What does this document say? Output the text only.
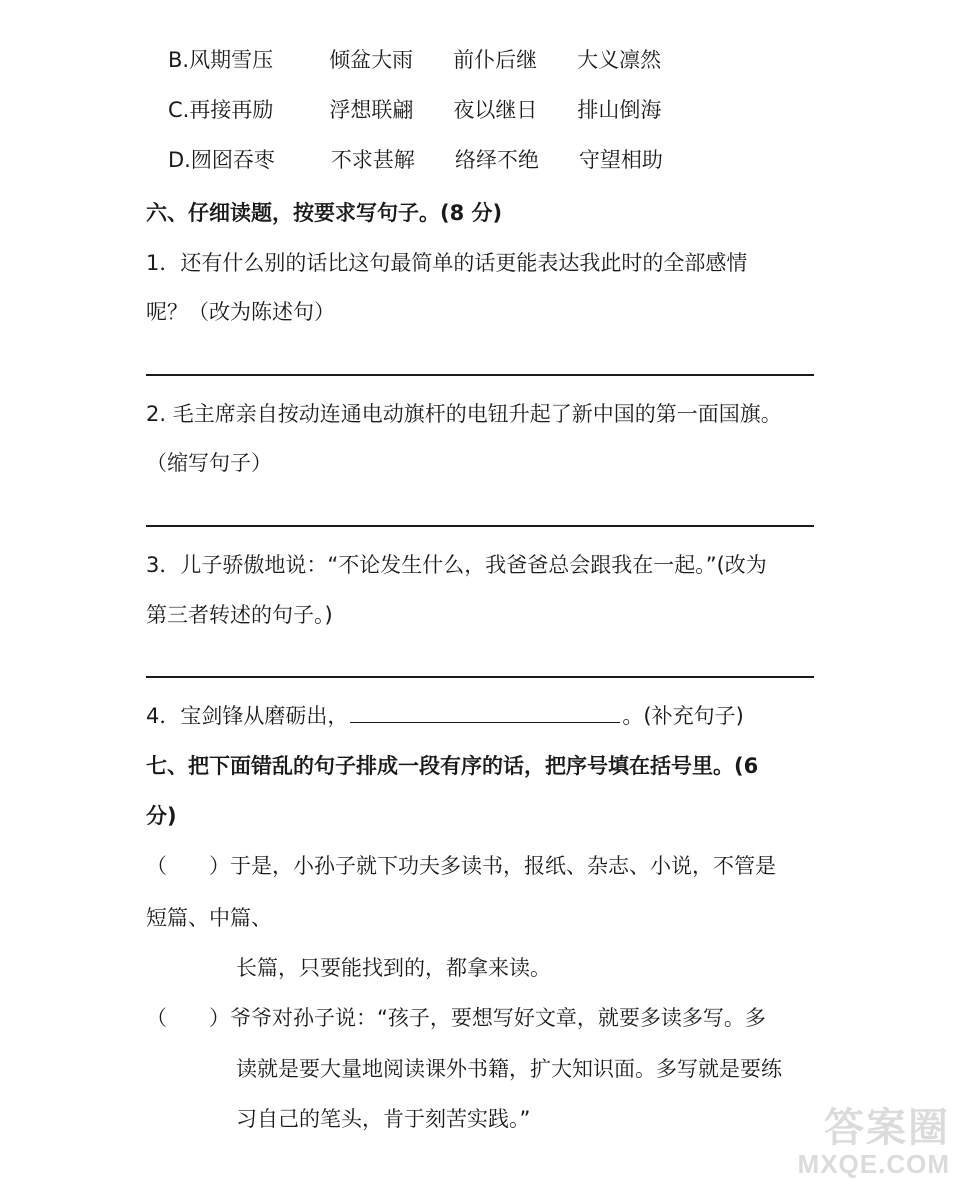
B.风期雪压	倾盆大雨 前仆后继 大义凛然
C.再接再励	浮想联翩 夜以继日 排山倒海
D.囫囵吞枣	不求甚解 络绎不绝 守望相助
六、仔细读题，按要求写句子。(8 分)
1．还有什么别的话比这句最简单的话更能表达我此时的全部感情
呢？（改为陈述句）
2. 毛主席亲自按动连通电动旗杆的电钮升起了新中国的第一面国旗。
（缩写句子）
3．儿子骄傲地说：“不论发生什么，我爸爸总会跟我在一起。”(改为
第三者转述的句子。)
4．宝剑锋从磨砺出，	。(补充句子)
七、把下面错乱的句子排成一段有序的话，把序号填在括号里。(6
分)
（　　）于是，小孙子就下功夫多读书，报纸、杂志、小说，不管是
短篇、中篇、
长篇，只要能找到的，都拿来读。
（　　）爷爷对孙子说：“孩子，要想写好文章，就要多读多写。多
读就是要大量地阅读课外书籍，扩大知识面。多写就是要练
习自己的笔头，肯于刻苦实践。”	答案圈
MXQE.COM
